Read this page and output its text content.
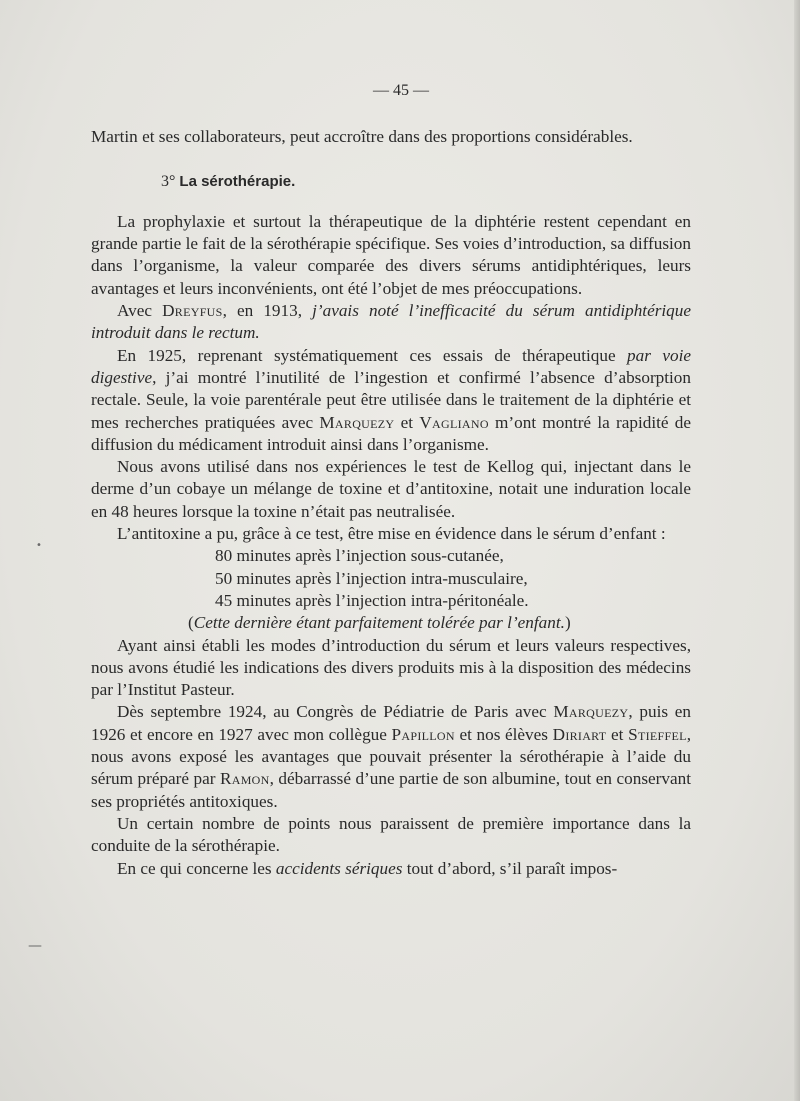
•
—
— 45 —

Martin et ses collaborateurs, peut accroître dans des proportions considérables.

3° La sérothérapie.

La prophylaxie et surtout la thérapeutique de la diphtérie restent cependant en grande partie le fait de la sérothérapie spécifique. Ses voies d’introduction, sa diffusion dans l’organisme, la valeur comparée des divers sérums antidiphtériques, leurs avantages et leurs inconvénients, ont été l’objet de mes préoccupations.

Avec Dreyfus, en 1913, j’avais noté l’inefficacité du sérum antidiphtérique introduit dans le rectum.

En 1925, reprenant systématiquement ces essais de thérapeutique par voie digestive, j’ai montré l’inutilité de l’ingestion et confirmé l’absence d’absorption rectale. Seule, la voie parentérale peut être utilisée dans le traitement de la diphtérie et mes recherches pratiquées avec Marquezy et Vagliano m’ont montré la rapidité de diffusion du médicament introduit ainsi dans l’organisme.

Nous avons utilisé dans nos expériences le test de Kellog qui, injectant dans le derme d’un cobaye un mélange de toxine et d’antitoxine, notait une induration locale en 48 heures lorsque la toxine n’était pas neutralisée.

L’antitoxine a pu, grâce à ce test, être mise en évidence dans le sérum d’enfant :

80 minutes après l’injection sous-cutanée,
50 minutes après l’injection intra-musculaire,
45 minutes après l’injection intra-péritonéale.

(Cette dernière étant parfaitement tolérée par l’enfant.)

Ayant ainsi établi les modes d’introduction du sérum et leurs valeurs respectives, nous avons étudié les indications des divers produits mis à la disposition des médecins par l’Institut Pasteur.

Dès septembre 1924, au Congrès de Pédiatrie de Paris avec Marquezy, puis en 1926 et encore en 1927 avec mon collègue Papillon et nos élèves Diriart et Stieffel, nous avons exposé les avantages que pouvait présenter la sérothérapie à l’aide du sérum préparé par Ramon, débarrassé d’une partie de son albumine, tout en conservant ses propriétés antitoxiques.

Un certain nombre de points nous paraissent de première importance dans la conduite de la sérothérapie.

En ce qui concerne les accidents sériques tout d’abord, s’il paraît impos-
